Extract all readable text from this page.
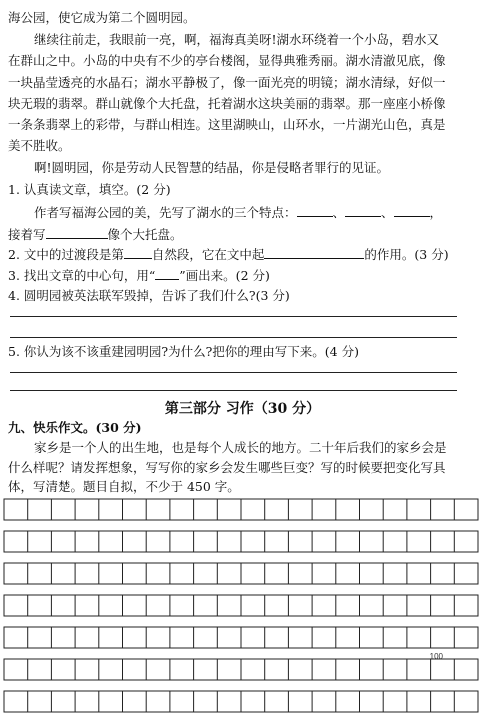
海公园，使它成为第二个圆明园。
继续往前走，我眼前一亮，啊，福海真美呀!湖水环绕着一个小岛，碧水又
在群山之中。小岛的中央有不少的亭台楼阁，显得典雅秀丽。湖水清澈见底，像
一块晶莹透亮的水晶石；湖水平静极了，像一面光亮的明镜；湖水清绿，好似一
块无瑕的翡翠。群山就像个大托盘，托着湖水这块美丽的翡翠。那一座座小桥像
一条条翡翠上的彩带，与群山相连。这里湖映山，山环水，一片湖光山色，真是
美不胜收。
啊!圆明园，你是劳动人民智慧的结晶，你是侵略者罪行的见证。
1. 认真读文章，填空。(2 分)
作者写福海公园的美，先写了湖水的三个特点：	、	、	，
接着写	像个大托盘。
2. 文中的过渡段是第 自然段，它在文中起	的作用。(3 分)
3. 找出文章的中心句，用“ ”画出来。(2 分)
4. 圆明园被英法联军毁掉，告诉了我们什么?(3 分)
5. 你认为该不该重建园明园?为什么?把你的理由写下来。(4 分)
第三部分 习作（30 分）
九、快乐作文。(30 分)
家乡是一个人的出生地，也是每个人成长的地方。二十年后我们的家乡会是
什么样呢？请发挥想象，写写你的家乡会发生哪些巨变？写的时候要把变化写具
体，写清楚。题目自拟，不少于 450 字。
100
